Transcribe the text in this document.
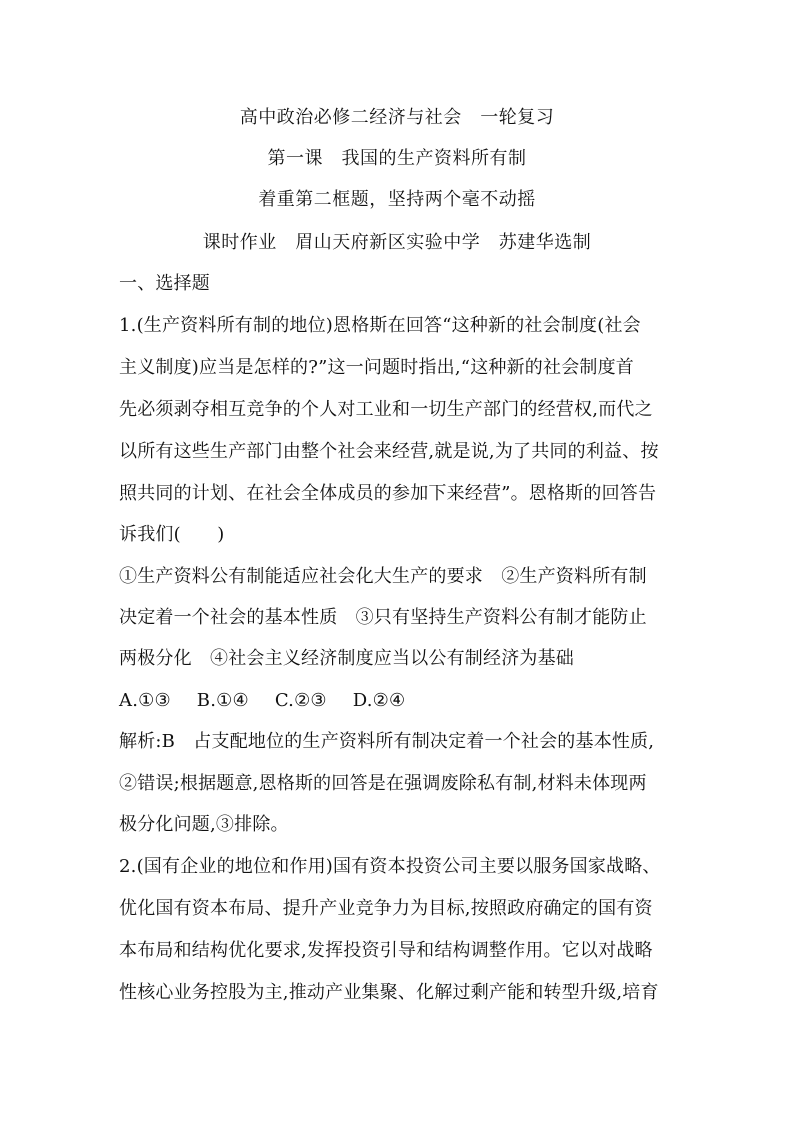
高中政治必修二经济与社会　一轮复习
第一课　我国的生产资料所有制
着重第二框题，坚持两个毫不动摇
课时作业　眉山天府新区实验中学　苏建华选制
一、选择题
1.(生产资料所有制的地位)恩格斯在回答“这种新的社会制度(社会
主义制度)应当是怎样的?”这一问题时指出,“这种新的社会制度首
先必须剥夺相互竞争的个人对工业和一切生产部门的经营权,而代之
以所有这些生产部门由整个社会来经营,就是说,为了共同的利益、按
照共同的计划、在社会全体成员的参加下来经营”。恩格斯的回答告
诉我们(　　)
①生产资料公有制能适应社会化大生产的要求　②生产资料所有制
决定着一个社会的基本性质　③只有坚持生产资料公有制才能防止
两极分化　④社会主义经济制度应当以公有制经济为基础
A.①③ B.①④ C.②③ D.②④
解析:B　占支配地位的生产资料所有制决定着一个社会的基本性质,
②错误;根据题意,恩格斯的回答是在强调废除私有制,材料未体现两
极分化问题,③排除。
2.(国有企业的地位和作用)国有资本投资公司主要以服务国家战略、
优化国有资本布局、提升产业竞争力为目标,按照政府确定的国有资
本布局和结构优化要求,发挥投资引导和结构调整作用。它以对战略
性核心业务控股为主,推动产业集聚、化解过剩产能和转型升级,培育
